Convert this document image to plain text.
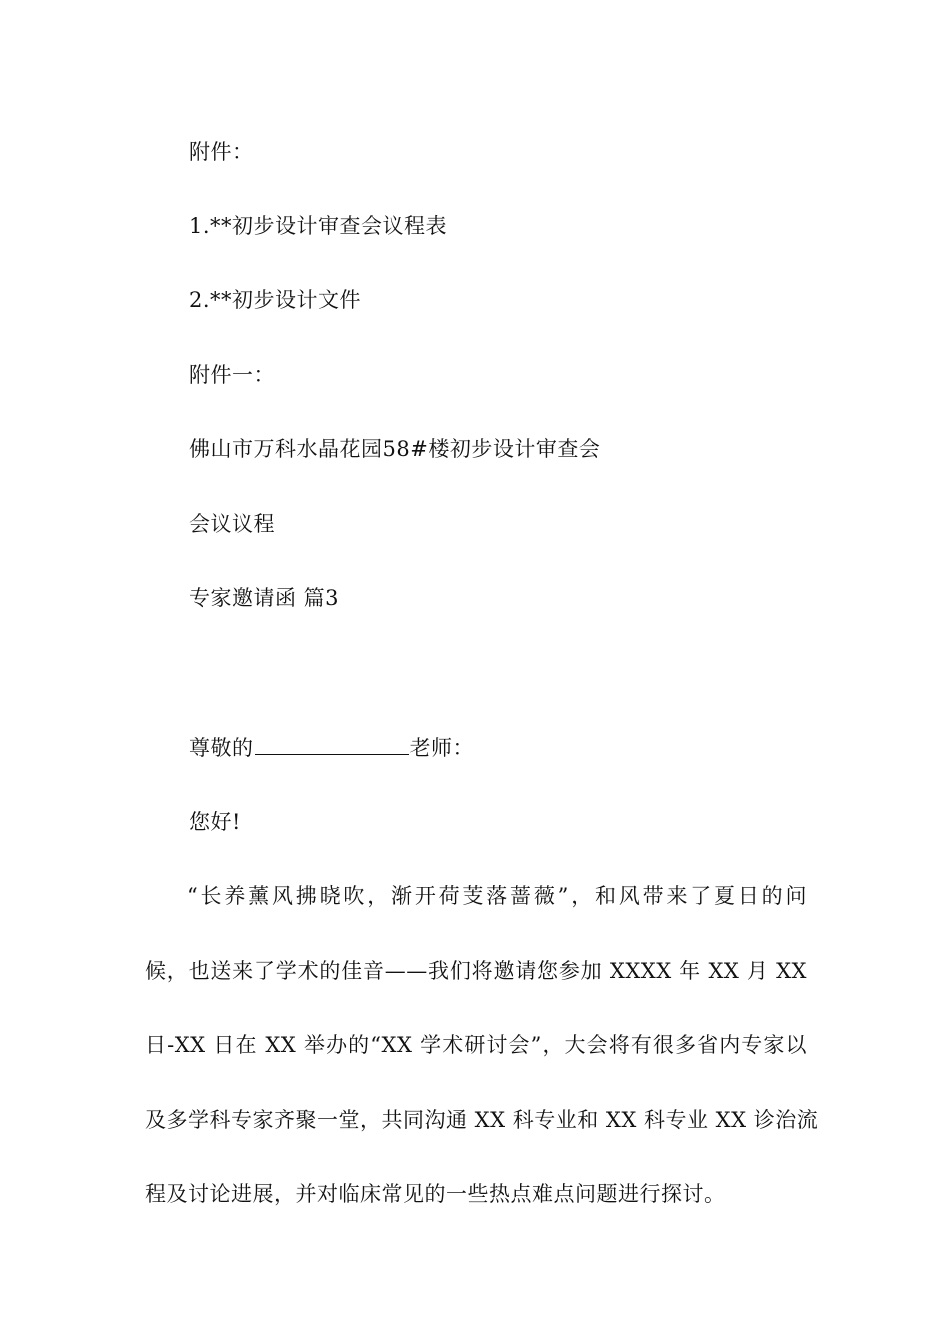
附件：
1.**初步设计审查会议程表
2.**初步设计文件
附件一：
佛山市万科水晶花园58#楼初步设计审查会
会议议程
专家邀请函 篇3
尊敬的	老师：
您好!
“长养薰风拂晓吹，渐开荷芰落蔷薇”，和风带来了夏日的问
候，也送来了学术的佳音——我们将邀请您参加 XXXX 年 XX 月 XX
日-XX 日在 XX 举办的“XX 学术研讨会”，大会将有很多省内专家以
及多学科专家齐聚一堂，共同沟通 XX 科专业和 XX 科专业 XX 诊治流
程及讨论进展，并对临床常见的一些热点难点问题进行探讨。
